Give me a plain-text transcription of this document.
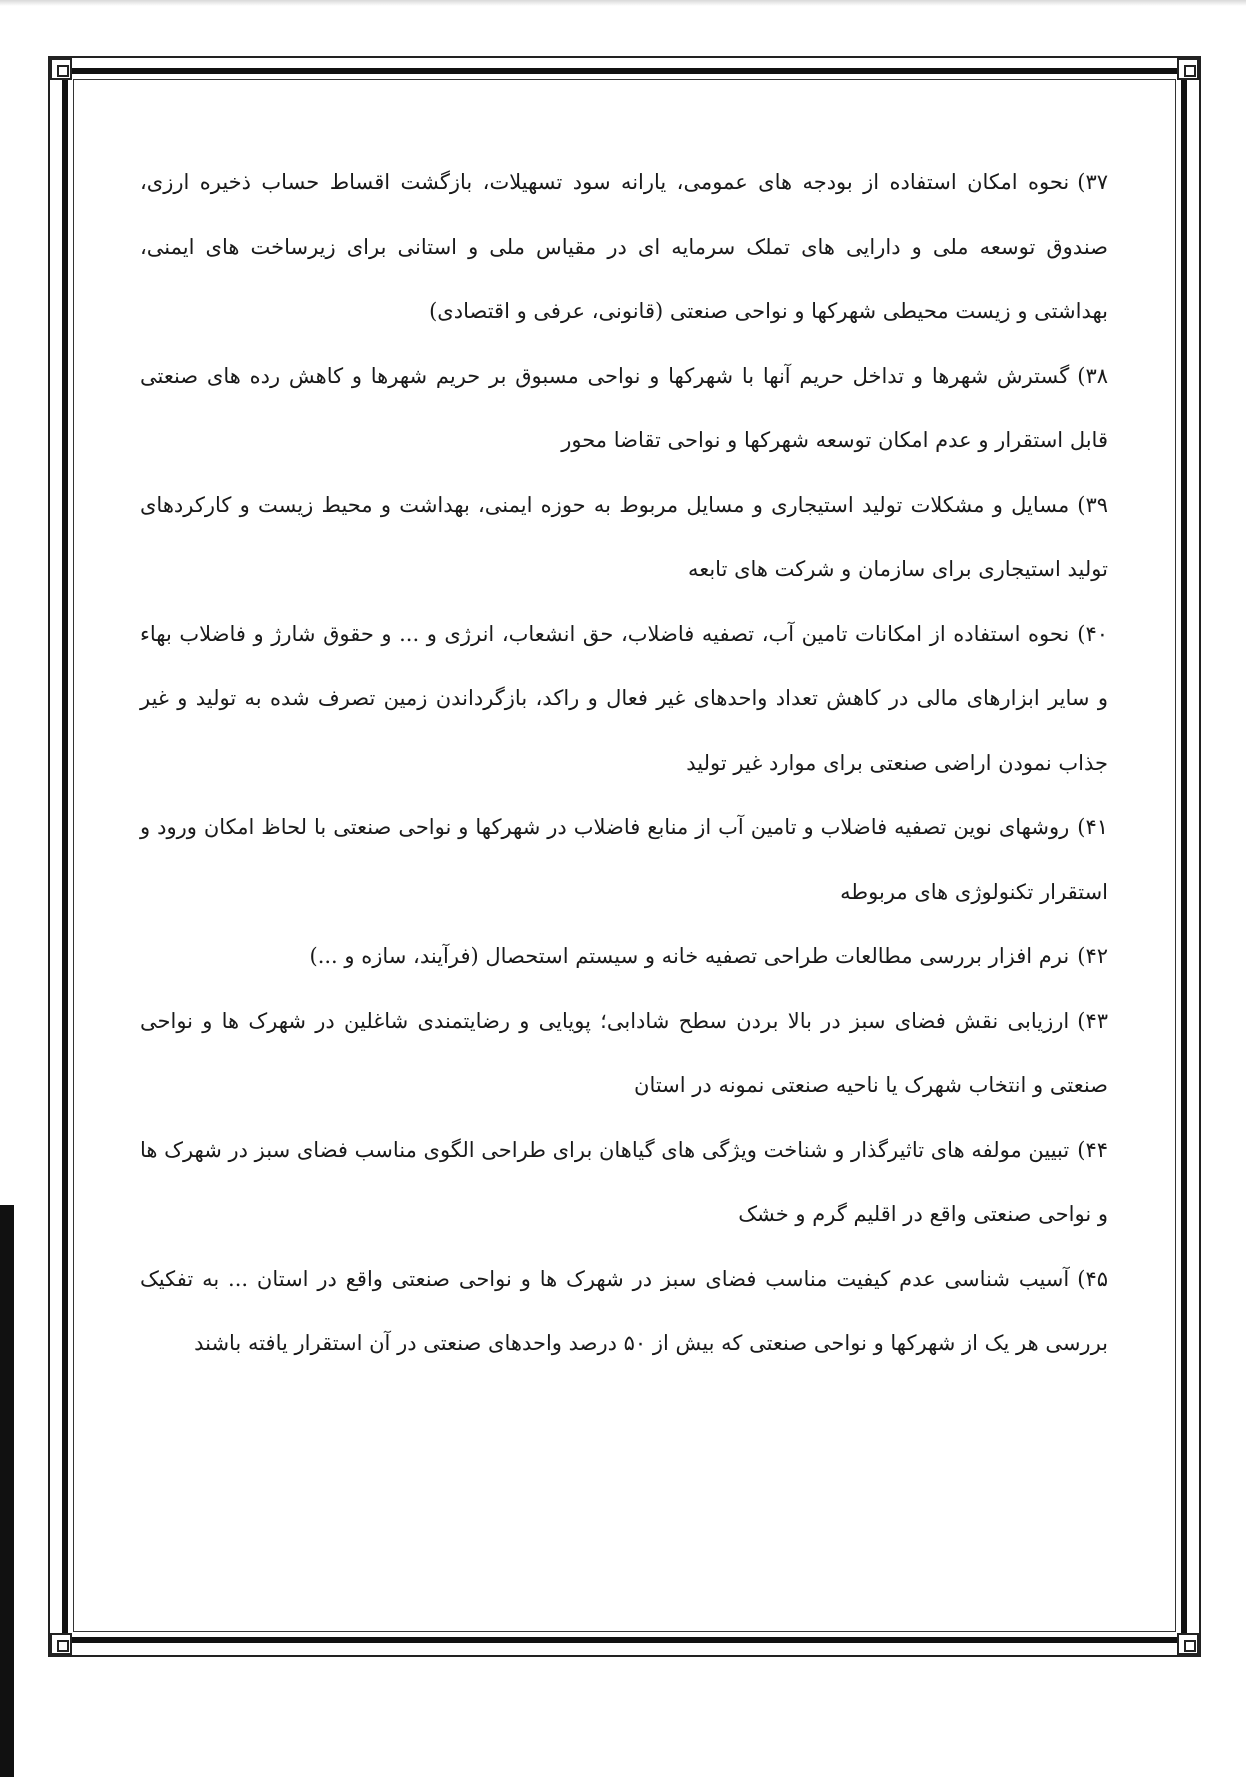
۳۷)نحوه امکان استفاده از بودجه های عمومی، یارانه سود تسهیلات، بازگشت اقساط حساب ذخیره ارزی، صندوق توسعه ملی و دارایی های تملک سرمایه ای در مقیاس ملی و استانی برای زیرساخت های ایمنی، بهداشتی و زیست محیطی شهرکها و نواحی صنعتی (قانونی، عرفی و اقتصادی)

۳۸)گسترش شهرها و تداخل حریم آنها با شهرکها و نواحی مسبوق بر حریم شهرها و کاهش رده های صنعتی قابل استقرار و عدم امکان توسعه شهرکها و نواحی تقاضا محور

۳۹)مسایل و مشکلات تولید استیجاری و مسایل مربوط به حوزه ایمنی، بهداشت و محیط زیست و کارکردهای تولید استیجاری برای سازمان و شرکت های تابعه

۴۰)نحوه استفاده از امکانات تامین آب، تصفیه فاضلاب، حق انشعاب، انرژی و ... و حقوق شارژ و فاضلاب بهاء و سایر ابزارهای مالی در کاهش تعداد واحدهای غیر فعال و راکد، بازگرداندن زمین تصرف شده به تولید و غیر جذاب نمودن اراضی صنعتی برای موارد غیر تولید

۴۱)روشهای نوین تصفیه فاضلاب و تامین آب از منابع فاضلاب در شهرکها و نواحی صنعتی با لحاظ امکان ورود و استقرار تکنولوژی های مربوطه

۴۲)نرم افزار بررسی مطالعات طراحی تصفیه خانه و سیستم استحصال (فرآیند، سازه و ...)

۴۳)ارزیابی نقش فضای سبز در بالا بردن سطح شادابی؛ پویایی و رضایتمندی شاغلین در شهرک ها و نواحی صنعتی و انتخاب شهرک یا ناحیه صنعتی نمونه در استان

۴۴)تبیین مولفه های تاثیرگذار و شناخت ویژگی های گیاهان برای طراحی الگوی مناسب فضای سبز در شهرک ها و نواحی صنعتی واقع در اقلیم گرم و خشک

۴۵)آسیب شناسی عدم کیفیت مناسب فضای سبز در شهرک ها و نواحی صنعتی واقع در استان ... به تفکیک بررسی هر یک از شهرکها و نواحی صنعتی که بیش از ۵۰ درصد واحدهای صنعتی در آن استقرار یافته باشند
